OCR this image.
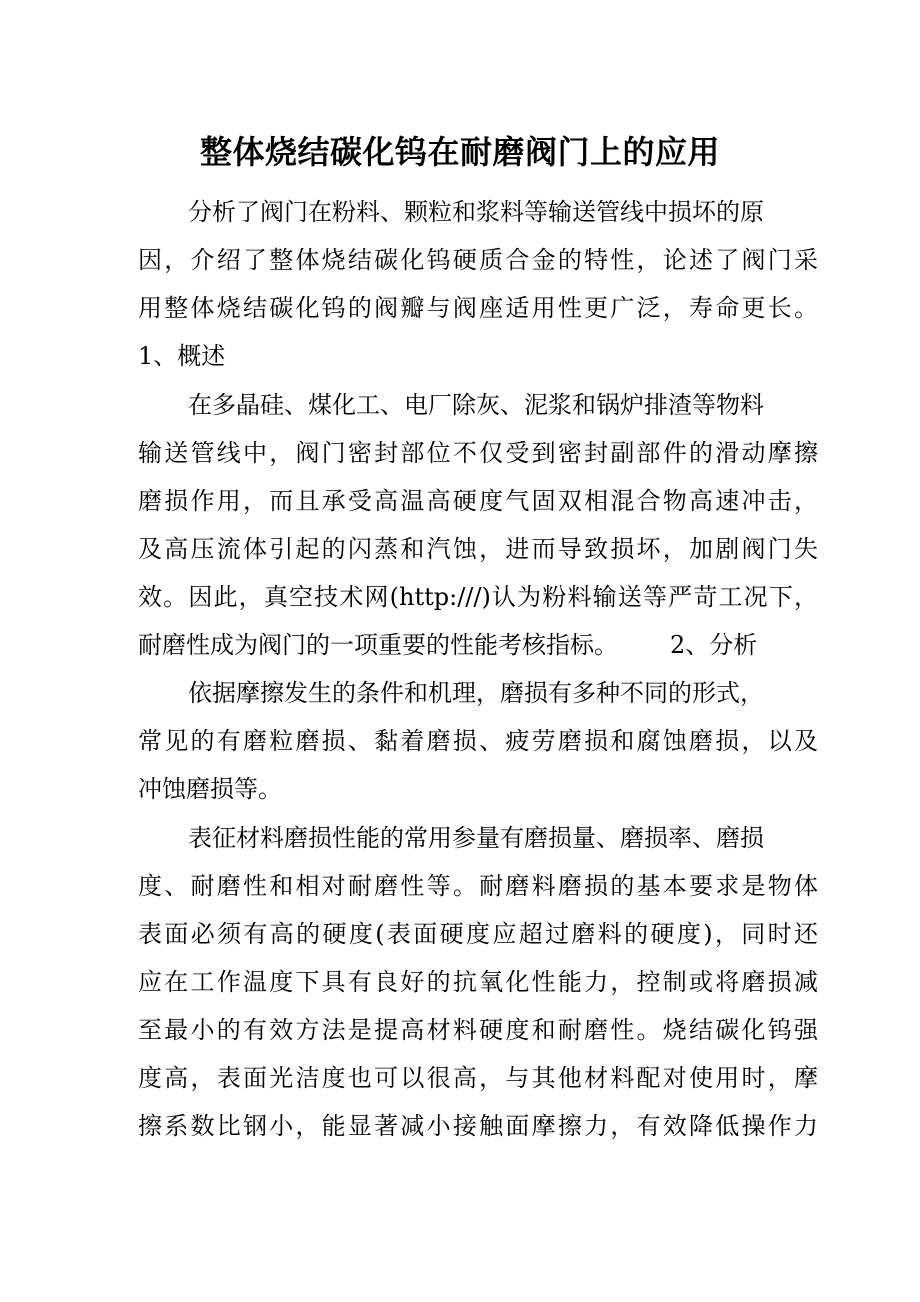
整体烧结碳化钨在耐磨阀门上的应用
分析了阀门在粉料、颗粒和浆料等输送管线中损坏的原
因，介绍了整体烧结碳化钨硬质合金的特性，论述了阀门采
用整体烧结碳化钨的阀瓣与阀座适用性更广泛，寿命更长。
1、概述
在多晶硅、煤化工、电厂除灰、泥浆和锅炉排渣等物料
输送管线中，阀门密封部位不仅受到密封副部件的滑动摩擦
磨损作用，而且承受高温高硬度气固双相混合物高速冲击，
及高压流体引起的闪蒸和汽蚀，进而导致损坏，加剧阀门失
效。因此，真空技术网(http:///)认为粉料输送等严苛工况下，
耐磨性成为阀门的一项重要的性能考核指标。 2、分析
依据摩擦发生的条件和机理，磨损有多种不同的形式，
常见的有磨粒磨损、黏着磨损、疲劳磨损和腐蚀磨损，以及
冲蚀磨损等。
表征材料磨损性能的常用参量有磨损量、磨损率、磨损
度、耐磨性和相对耐磨性等。耐磨料磨损的基本要求是物体
表面必须有高的硬度(表面硬度应超过磨料的硬度)，同时还
应在工作温度下具有良好的抗氧化性能力，控制或将磨损减
至最小的有效方法是提高材料硬度和耐磨性。烧结碳化钨强
度高，表面光洁度也可以很高，与其他材料配对使用时，摩
擦系数比钢小，能显著减小接触面摩擦力，有效降低操作力
